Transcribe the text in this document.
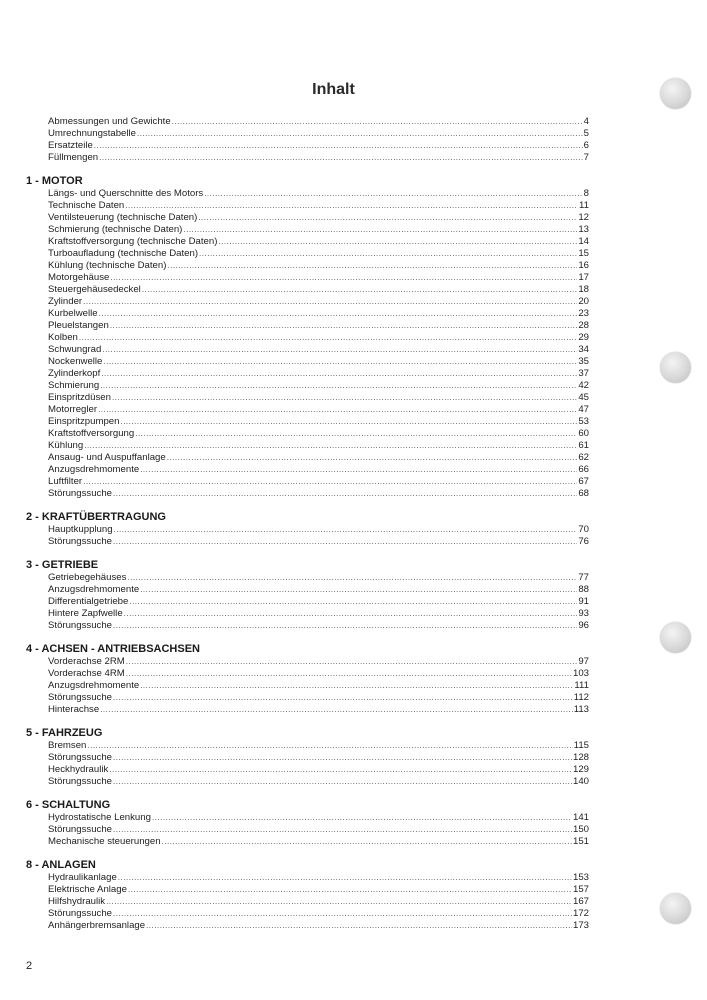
Inhalt
Abmessungen und Gewichte .....	4
Umrechnungstabelle .....	5
Ersatzteile .....	6
Füllmengen .....	7
1 - MOTOR
Längs- und Querschnitte des Motors .....	8
Technische Daten .....	11
Ventilsteuerung (technische Daten) .....	12
Schmierung (technische Daten) .....	13
Kraftstoffversorgung (technische Daten) .....	14
Turboaufladung (technische Daten) .....	15
Kühlung (technische Daten) .....	16
Motorgehäuse .....	17
Steuergehäusedeckel .....	18
Zylinder .....	20
Kurbelwelle .....	23
Pleuelstangen .....	28
Kolben .....	29
Schwungrad .....	34
Nockenwelle .....	35
Zylinderkopf .....	37
Schmierung .....	42
Einspritzdüsen .....	45
Motorregler .....	47
Einspritzpumpen .....	53
Kraftstoffversorgung .....	60
Kühlung .....	61
Ansaug- und Auspuffanlage .....	62
Anzugsdrehmomente .....	66
Luftfilter .....	67
Störungssuche .....	68
2 - KRAFTÜBERTRAGUNG
Hauptkupplung .....	70
Störungssuche .....	76
3 - GETRIEBE
Getriebegehäuses .....	77
Anzugsdrehmomente .....	88
Differentialgetriebe .....	91
Hintere Zapfwelle .....	93
Störungssuche .....	96
4 - ACHSEN - ANTRIEBSACHSEN
Vorderachse 2RM .....	97
Vorderachse 4RM .....	103
Anzugsdrehmomente .....	111
Störungssuche .....	112
Hinterachse .....	113
5 - FAHRZEUG
Bremsen .....	115
Störungssuche .....	128
Heckhydraulik .....	129
Störungssuche .....	140
6 - SCHALTUNG
Hydrostatische Lenkung .....	141
Störungssuche .....	150
Mechanische steuerungen .....	151
8 - ANLAGEN
Hydraulikanlage .....	153
Elektrische Anlage .....	157
Hilfshydraulik .....	167
Störungssuche .....	172
Anhängerbremsanlage .....	173
2
